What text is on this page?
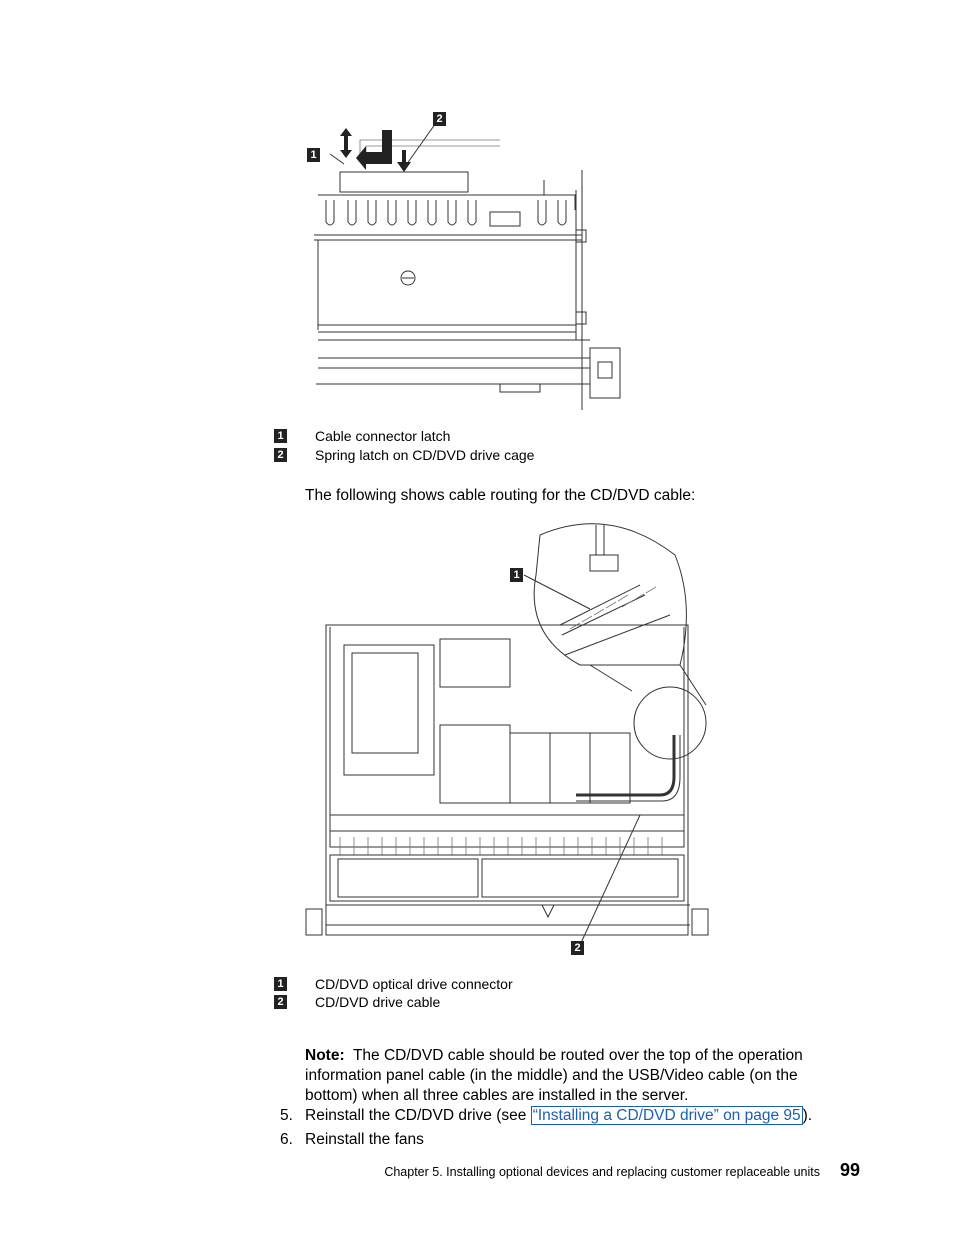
1
2
1 Cable connector latch
2 Spring latch on CD/DVD drive cage
The following shows cable routing for the CD/DVD cable:
1
2
1 CD/DVD optical drive connector
2 CD/DVD drive cable
Note: The CD/DVD cable should be routed over the top of the operation information panel cable (in the middle) and the USB/Video cable (on the bottom) when all three cables are installed in the server.
5. Reinstall the CD/DVD drive (see “Installing a CD/DVD drive” on page 95 ).
6. Reinstall the fans
Chapter 5. Installing optional devices and replacing customer replaceable units 99
